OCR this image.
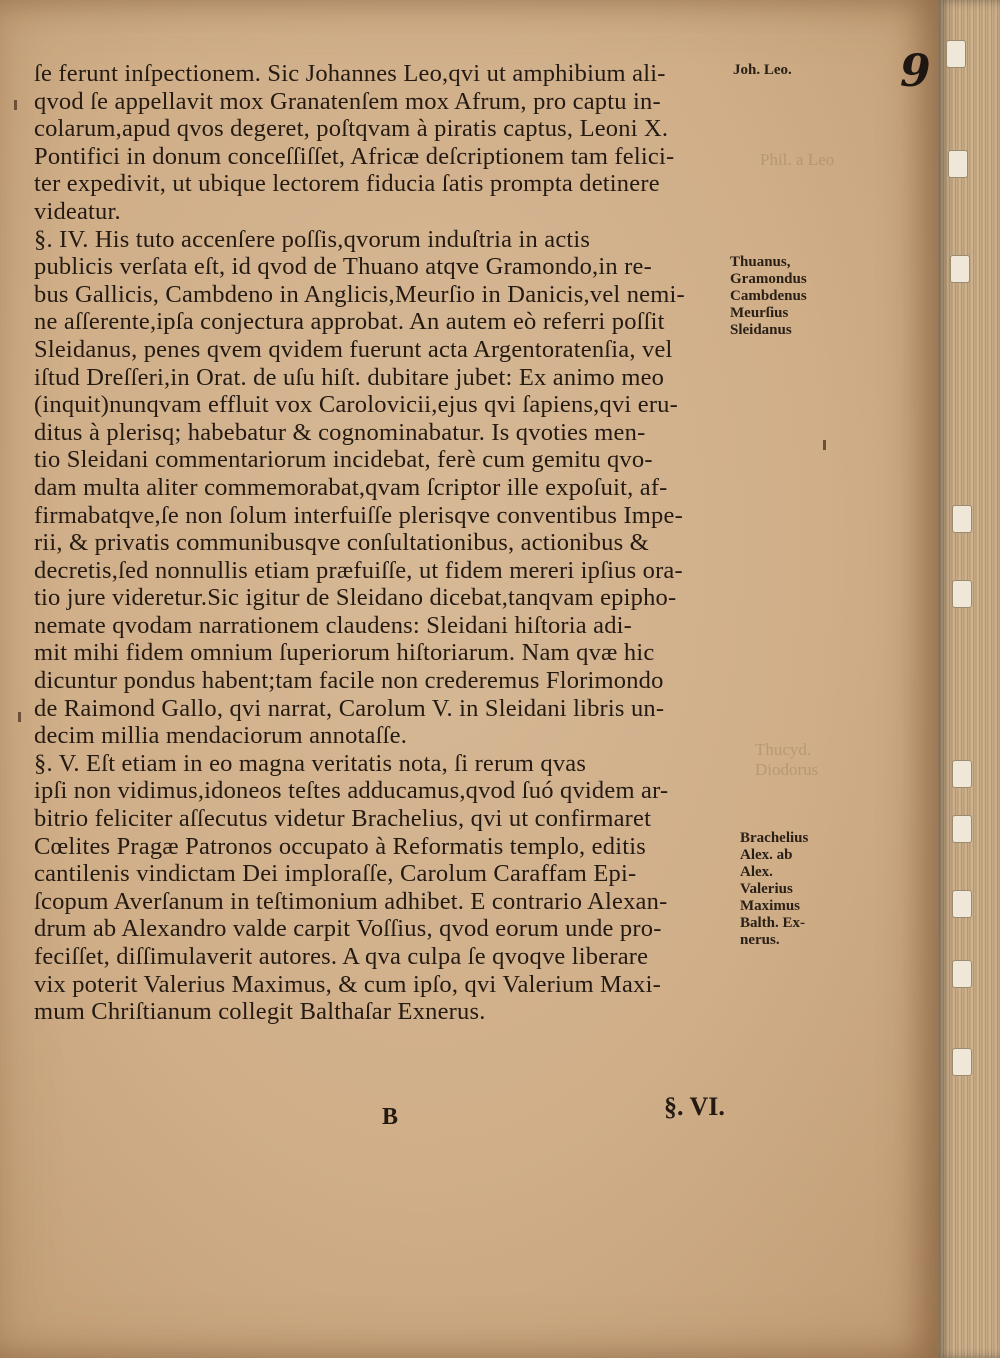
Phil. a Leo
Thucyd.
Diodorus
9
ſe ferunt inſpectionem. Sic Johannes Leo,qvi ut amphibium ali-
qvod ſe appellavit mox Granatenſem mox Afrum, pro captu in-
colarum,apud qvos degeret, poſtqvam à piratis captus, Leoni X.
Pontifici in donum conceſſiſſet, Africæ deſcriptionem tam felici-
ter expedivit, ut ubique lectorem fiducia ſatis prompta detinere
videatur.
§. IV. His tuto accenſere poſſis,qvorum induſtria in actis
publicis verſata eſt, id qvod de Thuano atqve Gramondo,in re-
bus Gallicis, Cambdeno in Anglicis,Meurſio in Danicis,vel nemi-
ne aſſerente,ipſa conjectura approbat. An autem eò referri poſſit
Sleidanus, penes qvem qvidem fuerunt acta Argentoratenſia, vel
iſtud Dreſſeri,in Orat. de uſu hiſt. dubitare jubet: Ex animo meo
(inquit)nunqvam effluit vox Carolovicii,ejus qvi ſapiens,qvi eru-
ditus à plerisq; habebatur & cognominabatur. Is qvoties men-
tio Sleidani commentariorum incidebat, ferè cum gemitu qvo-
dam multa aliter commemorabat,qvam ſcriptor ille expoſuit, af-
firmabatqve,ſe non ſolum interfuiſſe plerisqve conventibus Impe-
rii, & privatis communibusqve conſultationibus, actionibus &
decretis,ſed nonnullis etiam præfuiſſe, ut fidem mereri ipſius ora-
tio jure videretur.Sic igitur de Sleidano dicebat,tanqvam epipho-
nemate qvodam narrationem claudens: Sleidani hiſtoria adi-
mit mihi fidem omnium ſuperiorum hiſtoriarum. Nam qvæ hic
dicuntur pondus habent;tam facile non crederemus Florimondo
de Raimond Gallo, qvi narrat, Carolum V. in Sleidani libris un-
decim millia mendaciorum annotaſſe.
§. V. Eſt etiam in eo magna veritatis nota, ſi rerum qvas
ipſi non vidimus,idoneos teſtes adducamus,qvod ſuó qvidem ar-
bitrio feliciter aſſecutus videtur Brachelius, qvi ut confirmaret
Cœlites Pragæ Patronos occupato à Reformatis templo, editis
cantilenis vindictam Dei imploraſſe, Carolum Caraffam Epi-
ſcopum Averſanum in teſtimonium adhibet. E contrario Alexan-
drum ab Alexandro valde carpit Voſſius, qvod eorum unde pro-
feciſſet, diſſimulaverit autores. A qva culpa ſe qvoqve liberare
vix poterit Valerius Maximus, & cum ipſo, qvi Valerium Maxi-
mum Chriſtianum collegit Balthaſar Exnerus.
Joh. Leo.
Thuanus,
Gramondus
Cambdenus
Meurſius
Sleidanus
Brachelius
Alex. ab
Alex.
Valerius
Maximus
Balth. Ex-
nerus.
B	§. VI.
